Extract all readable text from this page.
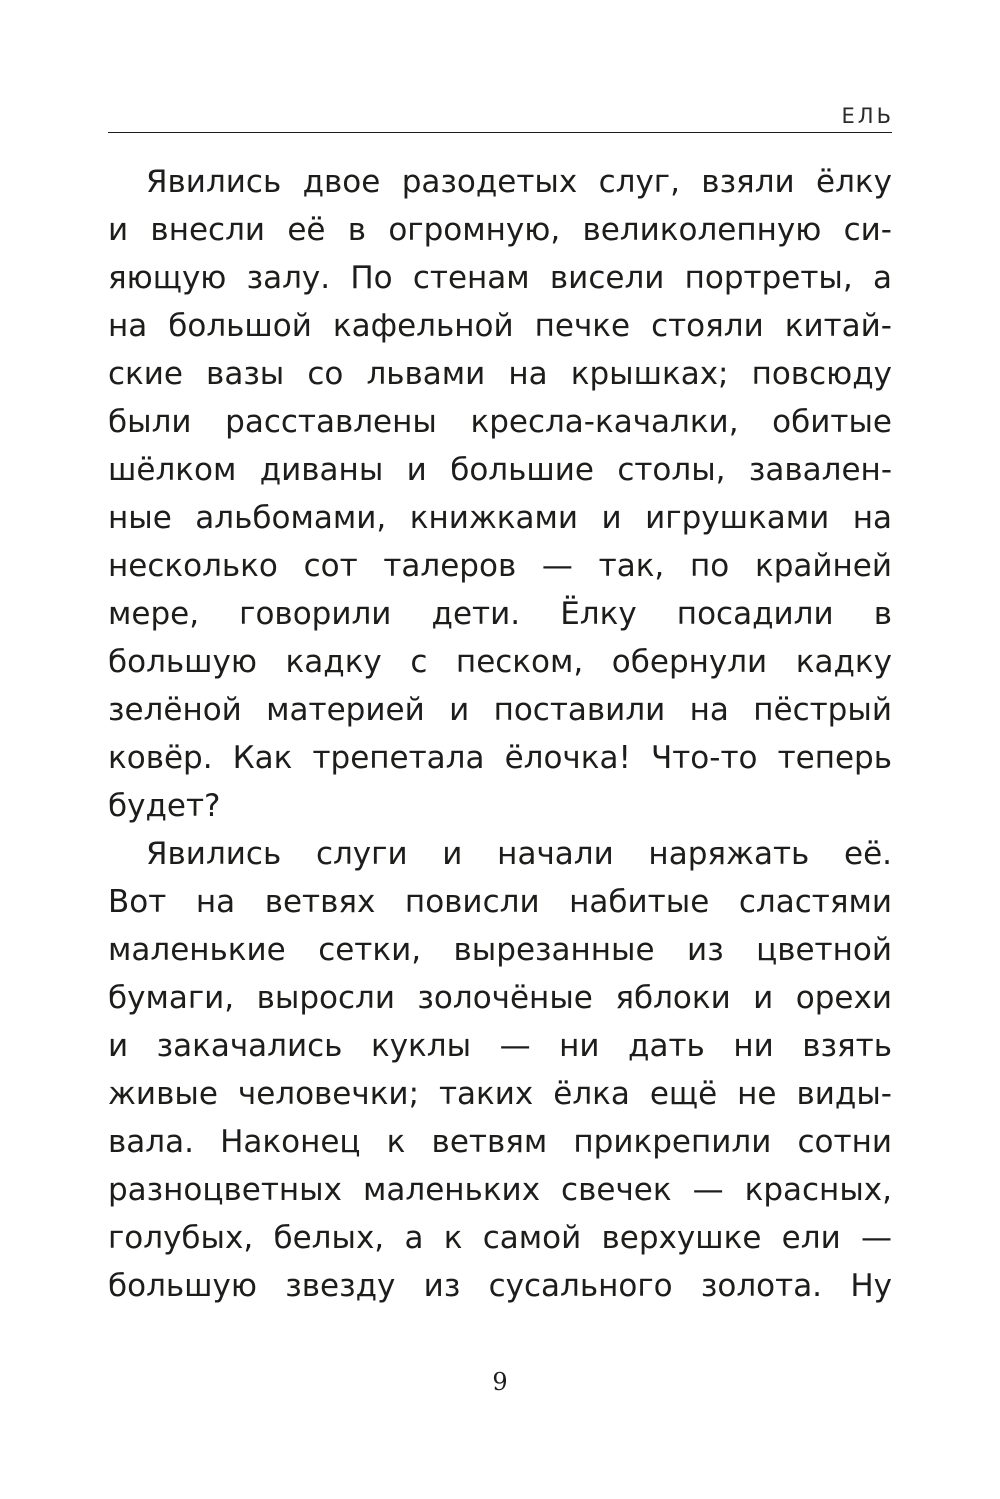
ЕЛЬ
Явились двое разодетых слуг, взяли ёлку
и внесли её в огромную, великолепную си-
яющую залу. По стенам висели портреты, а
на большой кафельной печке стояли китай-
ские вазы со львами на крышках; повсюду
были расставлены кресла-качалки, обитые
шёлком диваны и большие столы, завален-
ные альбомами, книжками и игрушками на
несколько сот талеров — так, по крайней
мере, говорили дети. Ёлку посадили в
большую кадку с песком, обернули кадку
зелёной материей и поставили на пёстрый
ковёр. Как трепетала ёлочка! Что-то теперь
будет?
Явились слуги и начали наряжать её.
Вот на ветвях повисли набитые сластями
маленькие сетки, вырезанные из цветной
бумаги, выросли золочёные яблоки и орехи
и закачались куклы — ни дать ни взять
живые человечки; таких ёлка ещё не виды-
вала. Наконец к ветвям прикрепили сотни
разноцветных маленьких свечек — красных,
голубых, белых, а к самой верхушке ели —
большую звезду из сусального золота. Ну
9
